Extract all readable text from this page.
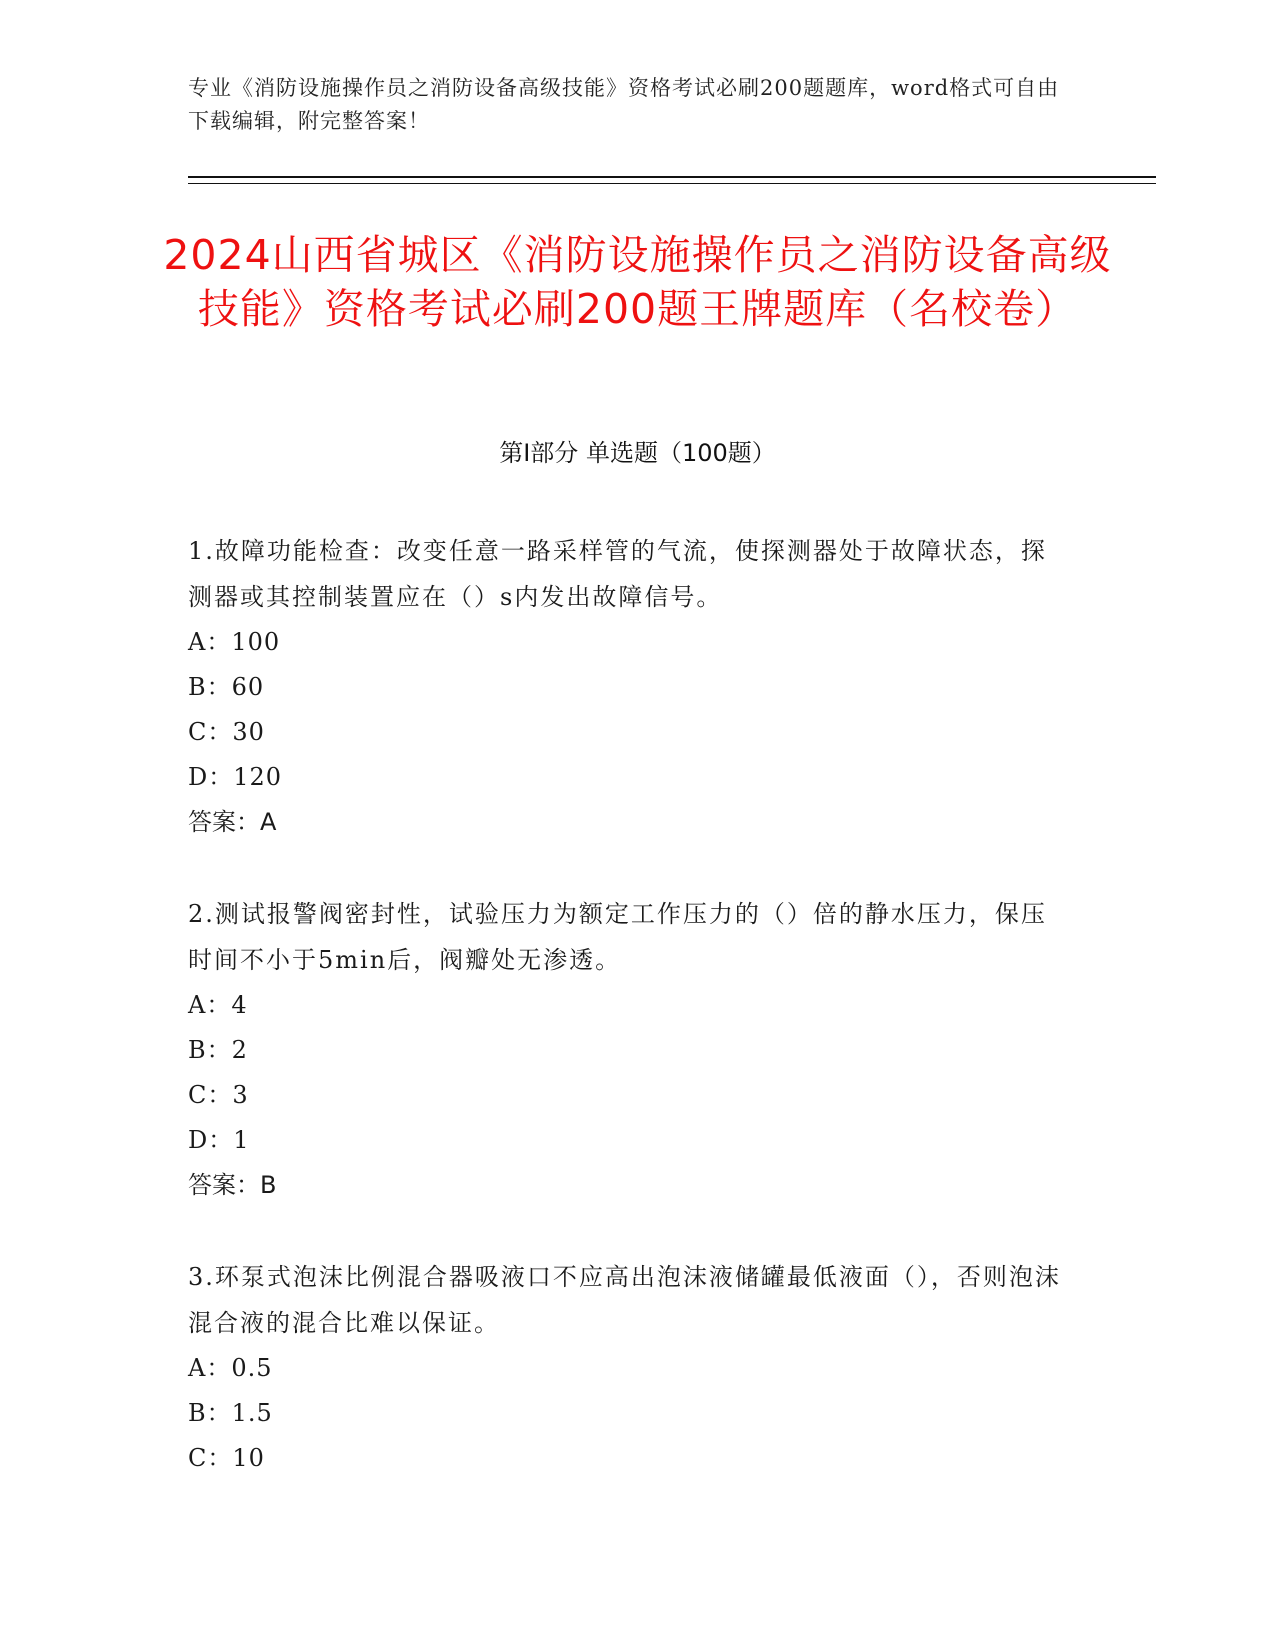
专业《消防设施操作员之消防设备高级技能》资格考试必刷200题题库，word格式可自由下载编辑，附完整答案！
2024山西省城区《消防设施操作员之消防设备高级技能》资格考试必刷200题王牌题库（名校卷）
第I部分 单选题（100题）

1.故障功能检查：改变任意一路采样管的气流，使探测器处于故障状态，探测器或其控制装置应在（）s内发出故障信号。

A：100
B：60
C：30
D：120

答案：A

2.测试报警阀密封性，试验压力为额定工作压力的（）倍的静水压力，保压时间不小于5min后，阀瓣处无渗透。

A：4
B：2
C：3
D：1

答案：B

3.环泵式泡沫比例混合器吸液口不应高出泡沫液储罐最低液面（），否则泡沫混合液的混合比难以保证。

A：0.5
B：1.5
C：10
